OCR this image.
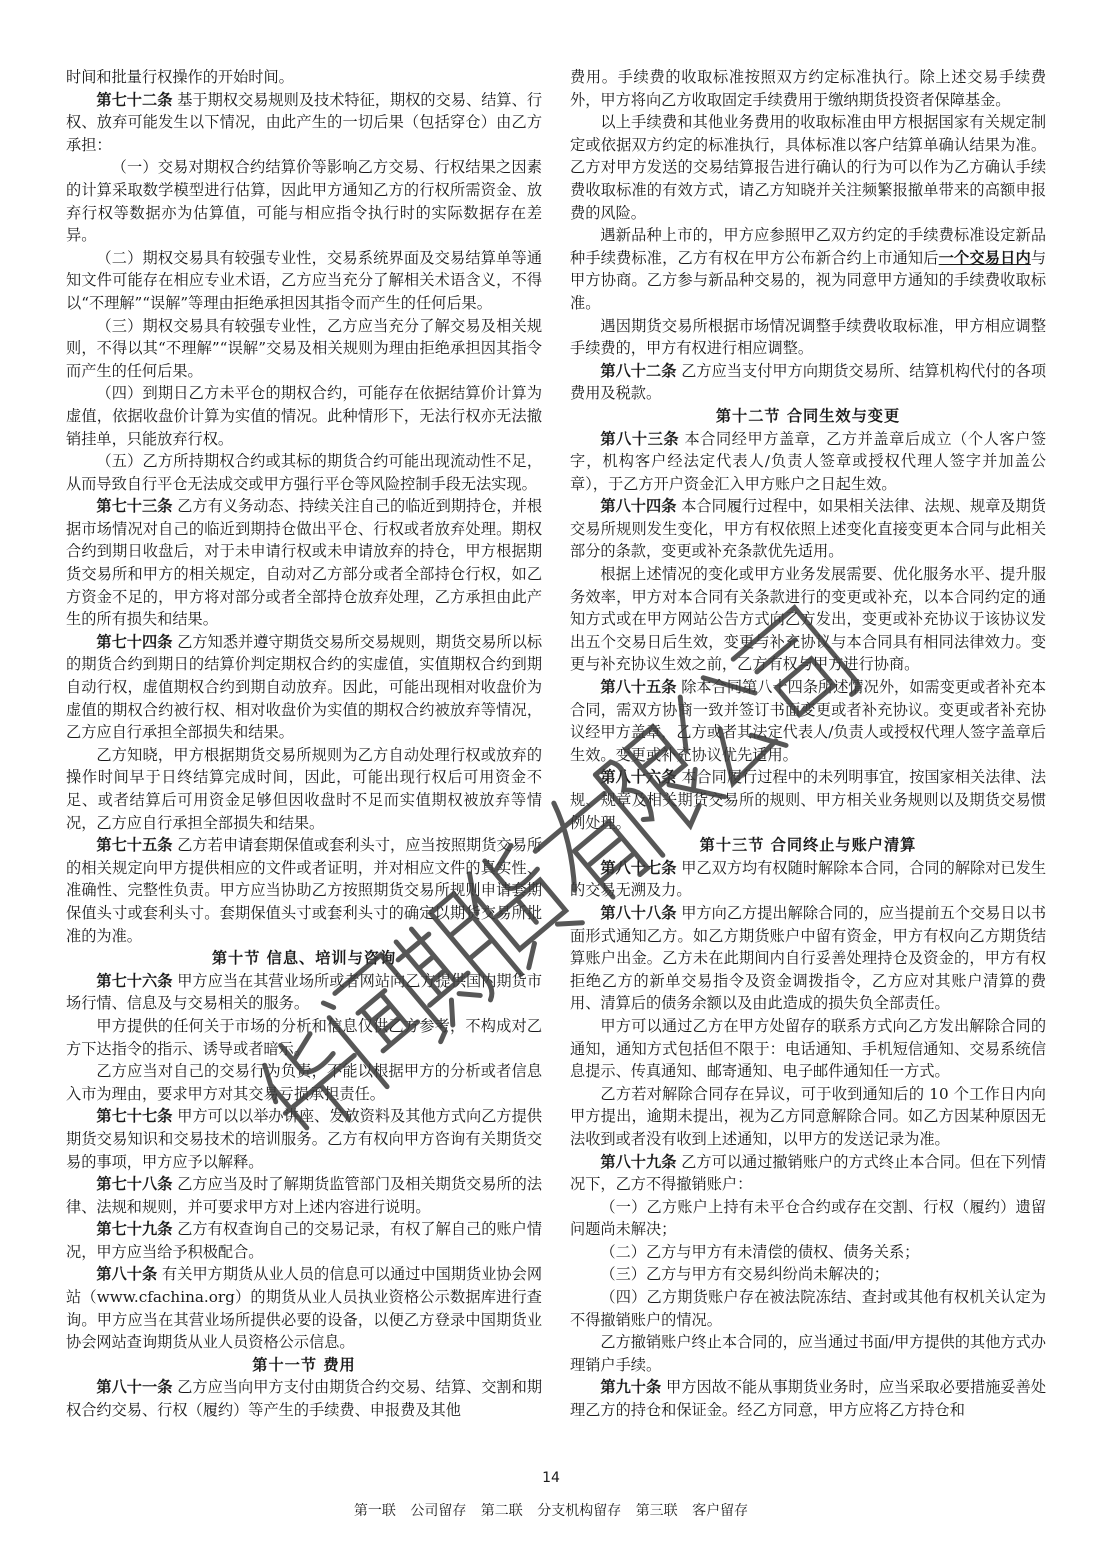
时间和批量行权操作的开始时间。

第七十二条 基于期权交易规则及技术特征，期权的交易、结算、行权、放弃可能发生以下情况，由此产生的一切后果（包括穿仓）由乙方承担：

（一）交易对期权合约结算价等影响乙方交易、行权结果之因素的计算采取数学模型进行估算，因此甲方通知乙方的行权所需资金、放弃行权等数据亦为估算值，可能与相应指令执行时的实际数据存在差异。

（二）期权交易具有较强专业性，交易系统界面及交易结算单等通知文件可能存在相应专业术语，乙方应当充分了解相关术语含义，不得以“不理解”“误解”等理由拒绝承担因其指令而产生的任何后果。

（三）期权交易具有较强专业性，乙方应当充分了解交易及相关规则，不得以其“不理解”“误解”交易及相关规则为理由拒绝承担因其指令而产生的任何后果。

（四）到期日乙方未平仓的期权合约，可能存在依据结算价计算为虚值，依据收盘价计算为实值的情况。此种情形下，无法行权亦无法撤销挂单，只能放弃行权。

（五）乙方所持期权合约或其标的期货合约可能出现流动性不足，从而导致自行平仓无法成交或甲方强行平仓等风险控制手段无法实现。

第七十三条 乙方有义务动态、持续关注自己的临近到期持仓，并根据市场情况对自己的临近到期持仓做出平仓、行权或者放弃处理。期权合约到期日收盘后，对于未申请行权或未申请放弃的持仓，甲方根据期货交易所和甲方的相关规定，自动对乙方部分或者全部持仓行权，如乙方资金不足的，甲方将对部分或者全部持仓放弃处理，乙方承担由此产生的所有损失和结果。

第七十四条 乙方知悉并遵守期货交易所交易规则，期货交易所以标的期货合约到期日的结算价判定期权合约的实虚值，实值期权合约到期自动行权，虚值期权合约到期自动放弃。因此，可能出现相对收盘价为虚值的期权合约被行权、相对收盘价为实值的期权合约被放弃等情况，乙方应自行承担全部损失和结果。

乙方知晓，甲方根据期货交易所规则为乙方自动处理行权或放弃的操作时间早于日终结算完成时间，因此，可能出现行权后可用资金不足、或者结算后可用资金足够但因收盘时不足而实值期权被放弃等情况，乙方应自行承担全部损失和结果。

第七十五条 乙方若申请套期保值或套利头寸，应当按照期货交易所的相关规定向甲方提供相应的文件或者证明，并对相应文件的真实性、准确性、完整性负责。甲方应当协助乙方按照期货交易所规则申请套期保值头寸或套利头寸。套期保值头寸或套利头寸的确定以期货交易所批准的为准。

第十节 信息、培训与咨询

第七十六条 甲方应当在其营业场所或者网站向乙方提供国内期货市场行情、信息及与交易相关的服务。

甲方提供的任何关于市场的分析和信息仅供乙方参考，不构成对乙方下达指令的指示、诱导或者暗示。

乙方应当对自己的交易行为负责，不能以根据甲方的分析或者信息入市为理由，要求甲方对其交易亏损承担责任。

第七十七条 甲方可以以举办讲座、发放资料及其他方式向乙方提供期货交易知识和交易技术的培训服务。乙方有权向甲方咨询有关期货交易的事项，甲方应予以解释。

第七十八条 乙方应当及时了解期货监管部门及相关期货交易所的法律、法规和规则，并可要求甲方对上述内容进行说明。

第七十九条 乙方有权查询自己的交易记录，有权了解自己的账户情况，甲方应当给予积极配合。

第八十条 有关甲方期货从业人员的信息可以通过中国期货业协会网站（www.cfachina.org）的期货从业人员执业资格公示数据库进行查询。甲方应当在其营业场所提供必要的设备，以便乙方登录中国期货业协会网站查询期货从业人员资格公示信息。

第十一节 费用

第八十一条 乙方应当向甲方支付由期货合约交易、结算、交割和期权合约交易、行权（履约）等产生的手续费、申报费及其他

费用。手续费的收取标准按照双方约定标准执行。除上述交易手续费外，甲方将向乙方收取固定手续费用于缴纳期货投资者保障基金。

以上手续费和其他业务费用的收取标准由甲方根据国家有关规定制定或依据双方约定的标准执行，具体标准以客户结算单确认结果为准。乙方对甲方发送的交易结算报告进行确认的行为可以作为乙方确认手续费收取标准的有效方式，请乙方知晓并关注频繁报撤单带来的高额申报费的风险。

遇新品种上市的，甲方应参照甲乙双方约定的手续费标准设定新品种手续费标准，乙方有权在甲方公布新合约上市通知后一个交易日内与甲方协商。乙方参与新品种交易的，视为同意甲方通知的手续费收取标准。

遇因期货交易所根据市场情况调整手续费收取标准，甲方相应调整手续费的，甲方有权进行相应调整。

第八十二条 乙方应当支付甲方向期货交易所、结算机构代付的各项费用及税款。

第十二节 合同生效与变更

第八十三条 本合同经甲方盖章，乙方并盖章后成立（个人客户签字，机构客户经法定代表人/负责人签章或授权代理人签字并加盖公章），于乙方开户资金汇入甲方账户之日起生效。

第八十四条 本合同履行过程中，如果相关法律、法规、规章及期货交易所规则发生变化，甲方有权依照上述变化直接变更本合同与此相关部分的条款，变更或补充条款优先适用。

根据上述情况的变化或甲方业务发展需要、优化服务水平、提升服务效率，甲方对本合同有关条款进行的变更或补充，以本合同约定的通知方式或在甲方网站公告方式向乙方发出，变更或补充协议于该协议发出五个交易日后生效，变更与补充协议与本合同具有相同法律效力。变更与补充协议生效之前，乙方有权与甲方进行协商。

第八十五条 除本合同第八十四条所述情况外，如需变更或者补充本合同，需双方协商一致并签订书面变更或者补充协议。变更或者补充协议经甲方盖章，乙方或者其法定代表人/负责人或授权代理人签字盖章后生效。变更或补充协议优先适用。

第八十六条 本合同履行过程中的未列明事宜，按国家相关法律、法规、规章及相关期货交易所的规则、甲方相关业务规则以及期货交易惯例处理。

第十三节 合同终止与账户清算

第八十七条 甲乙双方均有权随时解除本合同，合同的解除对已发生的交易无溯及力。

第八十八条 甲方向乙方提出解除合同的，应当提前五个交易日以书面形式通知乙方。如乙方期货账户中留有资金，甲方有权向乙方期货结算账户出金。乙方未在此期间内自行妥善处理持仓及资金的，甲方有权拒绝乙方的新单交易指令及资金调拨指令，乙方应对其账户清算的费用、清算后的债务余额以及由此造成的损失负全部责任。

甲方可以通过乙方在甲方处留存的联系方式向乙方发出解除合同的通知，通知方式包括但不限于：电话通知、手机短信通知、交易系统信息提示、传真通知、邮寄通知、电子邮件通知任一方式。

乙方若对解除合同存在异议，可于收到通知后的 10 个工作日内向甲方提出，逾期未提出，视为乙方同意解除合同。如乙方因某种原因无法收到或者没有收到上述通知，以甲方的发送记录为准。

第八十九条 乙方可以通过撤销账户的方式终止本合同。但在下列情况下，乙方不得撤销账户：

（一）乙方账户上持有未平仓合约或存在交割、行权（履约）遗留问题尚未解决；

（二）乙方与甲方有未清偿的债权、债务关系；

（三）乙方与甲方有交易纠纷尚未解决的；

（四）乙方期货账户存在被法院冻结、查封或其他有权机关认定为不得撤销账户的情况。

乙方撤销账户终止本合同的，应当通过书面/甲方提供的其他方式办理销户手续。

第九十条 甲方因故不能从事期货业务时，应当采取必要措施妥善处理乙方的持仓和保证金。经乙方同意，甲方应将乙方持仓和

14
第一联 公司留存 第二联 分支机构留存 第三联 客户留存
